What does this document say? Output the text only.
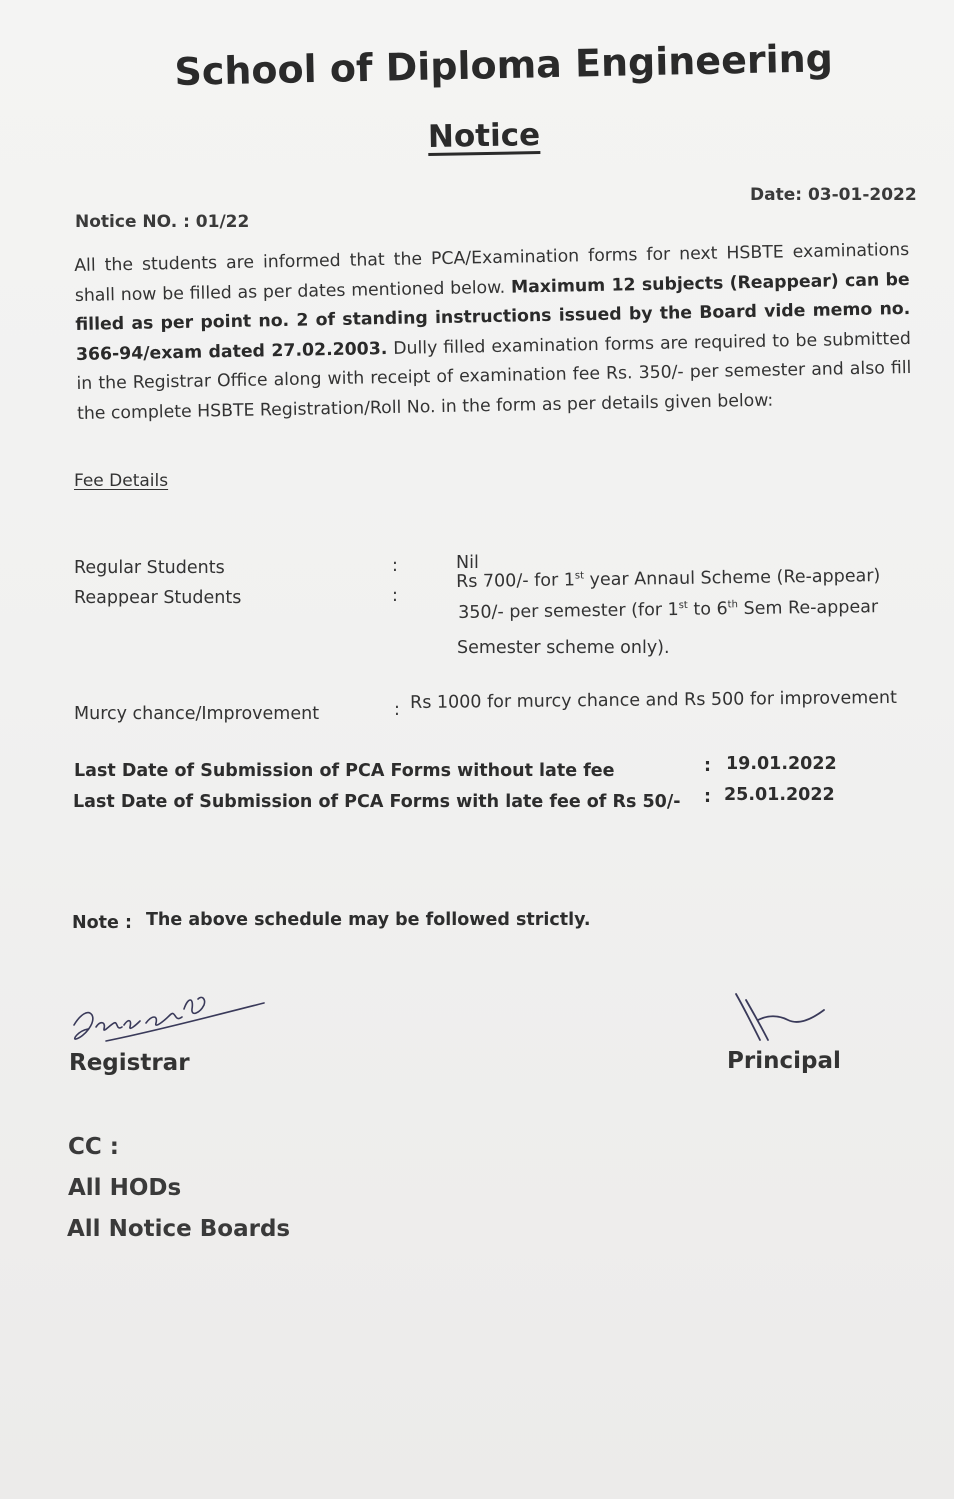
School of Diploma Engineering
Notice
Date: 03-01-2022
Notice NO. : 01/22
All the students are informed that the PCA/Examination forms for next HSBTE examinations shall now be filled as per dates mentioned below. Maximum 12 subjects (Reappear) can be filled as per point no. 2 of standing instructions issued by the Board vide memo no. 366-94/exam dated 27.02.2003. Dully filled examination forms are required to be submitted in the Registrar Office along with receipt of examination fee Rs. 350/- per semester and also fill the complete HSBTE Registration/Roll No. in the form as per details given below:
Fee Details
Regular Students	:	Nil
Reappear Students	:
Rs 700/- for 1st year Annaul Scheme (Re-appear)
350/- per semester (for 1st to 6th Sem Re-appear
Semester scheme only).
Murcy chance/Improvement	: Rs 1000 for murcy chance and Rs 500 for improvement
Last Date of Submission of PCA Forms without late fee	: 19.01.2022
Last Date of Submission of PCA Forms with late fee of Rs 50/- : 25.01.2022
Note : The above schedule may be followed strictly.
Registrar	Principal
CC :
All HODs
All Notice Boards
